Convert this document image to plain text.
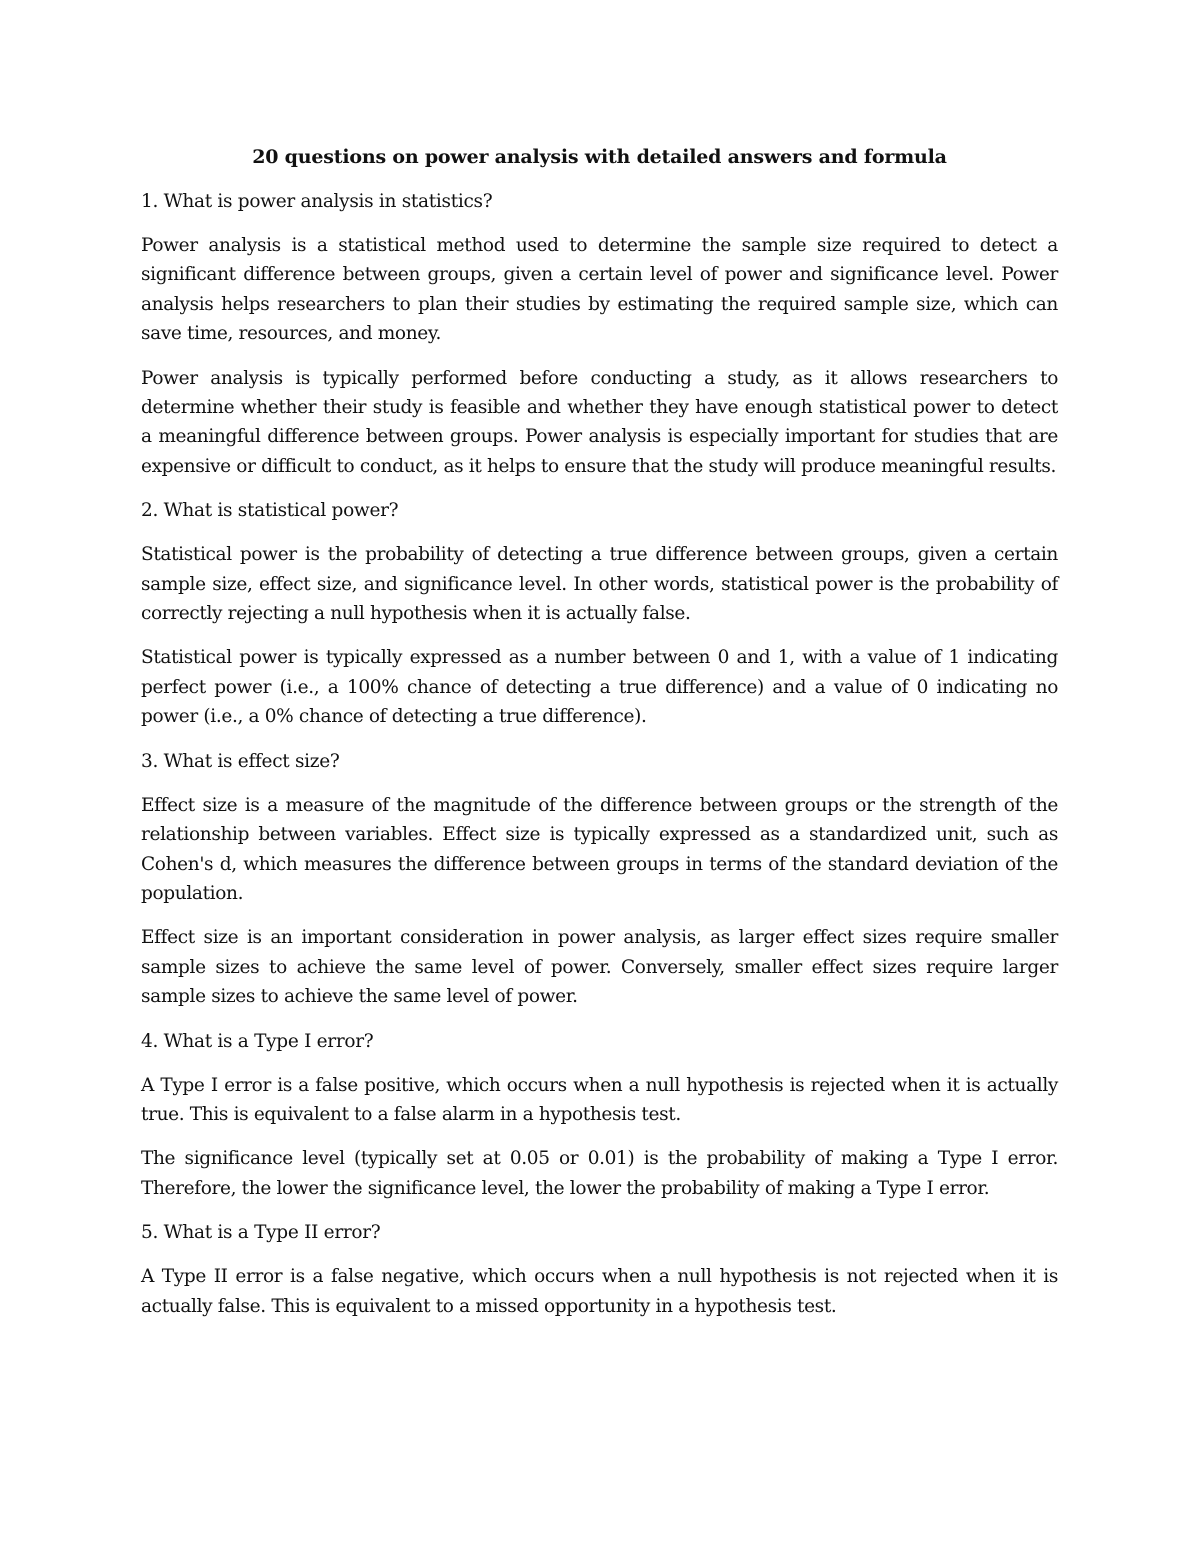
20 questions on power analysis with detailed answers and formula

1. What is power analysis in statistics?

Power analysis is a statistical method used to determine the sample size required to detect a significant difference between groups, given a certain level of power and significance level. Power analysis helps researchers to plan their studies by estimating the required sample size, which can save time, resources, and money.

Power analysis is typically performed before conducting a study, as it allows researchers to determine whether their study is feasible and whether they have enough statistical power to detect a meaningful difference between groups. Power analysis is especially important for studies that are expensive or difficult to conduct, as it helps to ensure that the study will produce meaningful results.

2. What is statistical power?

Statistical power is the probability of detecting a true difference between groups, given a certain sample size, effect size, and significance level. In other words, statistical power is the probability of correctly rejecting a null hypothesis when it is actually false.

Statistical power is typically expressed as a number between 0 and 1, with a value of 1 indicating perfect power (i.e., a 100% chance of detecting a true difference) and a value of 0 indicating no power (i.e., a 0% chance of detecting a true difference).

3. What is effect size?

Effect size is a measure of the magnitude of the difference between groups or the strength of the relationship between variables. Effect size is typically expressed as a standardized unit, such as Cohen's d, which measures the difference between groups in terms of the standard deviation of the population.

Effect size is an important consideration in power analysis, as larger effect sizes require smaller sample sizes to achieve the same level of power. Conversely, smaller effect sizes require larger sample sizes to achieve the same level of power.

4. What is a Type I error?

A Type I error is a false positive, which occurs when a null hypothesis is rejected when it is actually true. This is equivalent to a false alarm in a hypothesis test.

The significance level (typically set at 0.05 or 0.01) is the probability of making a Type I error. Therefore, the lower the significance level, the lower the probability of making a Type I error.

5. What is a Type II error?

A Type II error is a false negative, which occurs when a null hypothesis is not rejected when it is actually false. This is equivalent to a missed opportunity in a hypothesis test.
